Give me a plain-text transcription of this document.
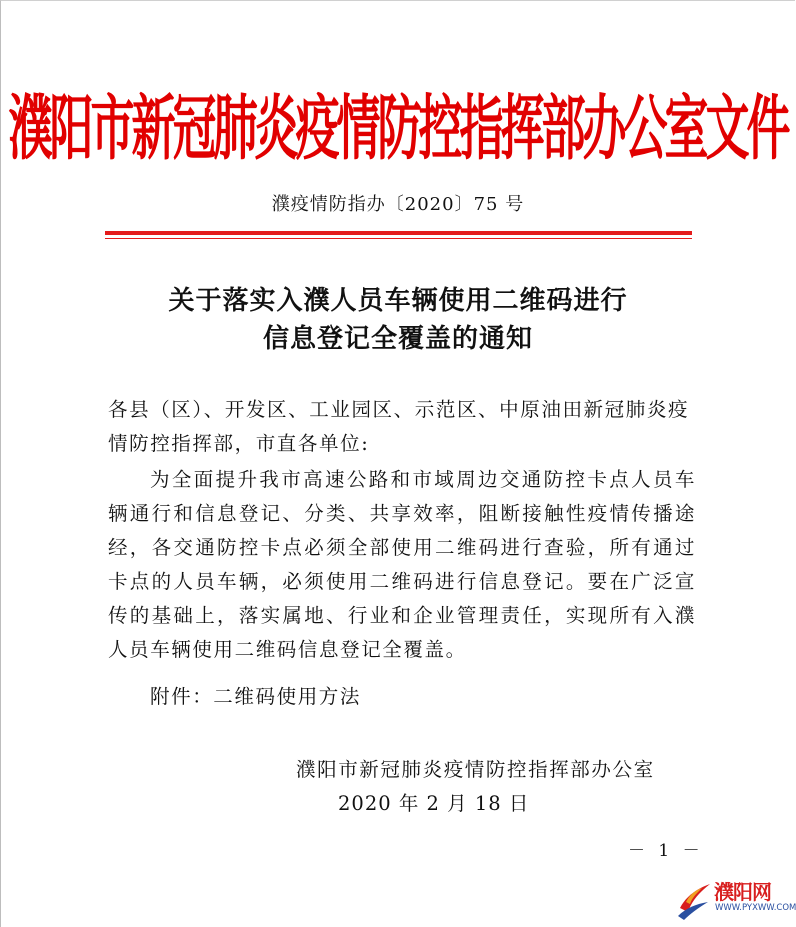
濮阳市新冠肺炎疫情防控指挥部办公室文件
濮疫情防指办〔2020〕75 号
关于落实入濮人员车辆使用二维码进行
信息登记全覆盖的通知
各县（区）、开发区、工业园区、示范区、中原油田新冠肺炎疫情防控指挥部，市直各单位:
为全面提升我市高速公路和市域周边交通防控卡点人员车辆通行和信息登记、分类、共享效率，阻断接触性疫情传播途经，各交通防控卡点必须全部使用二维码进行查验，所有通过卡点的人员车辆，必须使用二维码进行信息登记。要在广泛宣传的基础上，落实属地、行业和企业管理责任，实现所有入濮人员车辆使用二维码信息登记全覆盖。
附件：二维码使用方法
濮阳市新冠肺炎疫情防控指挥部办公室
2020 年 2 月 18 日
－ 1 －
濮阳网
WWW.PYXWW.COM
